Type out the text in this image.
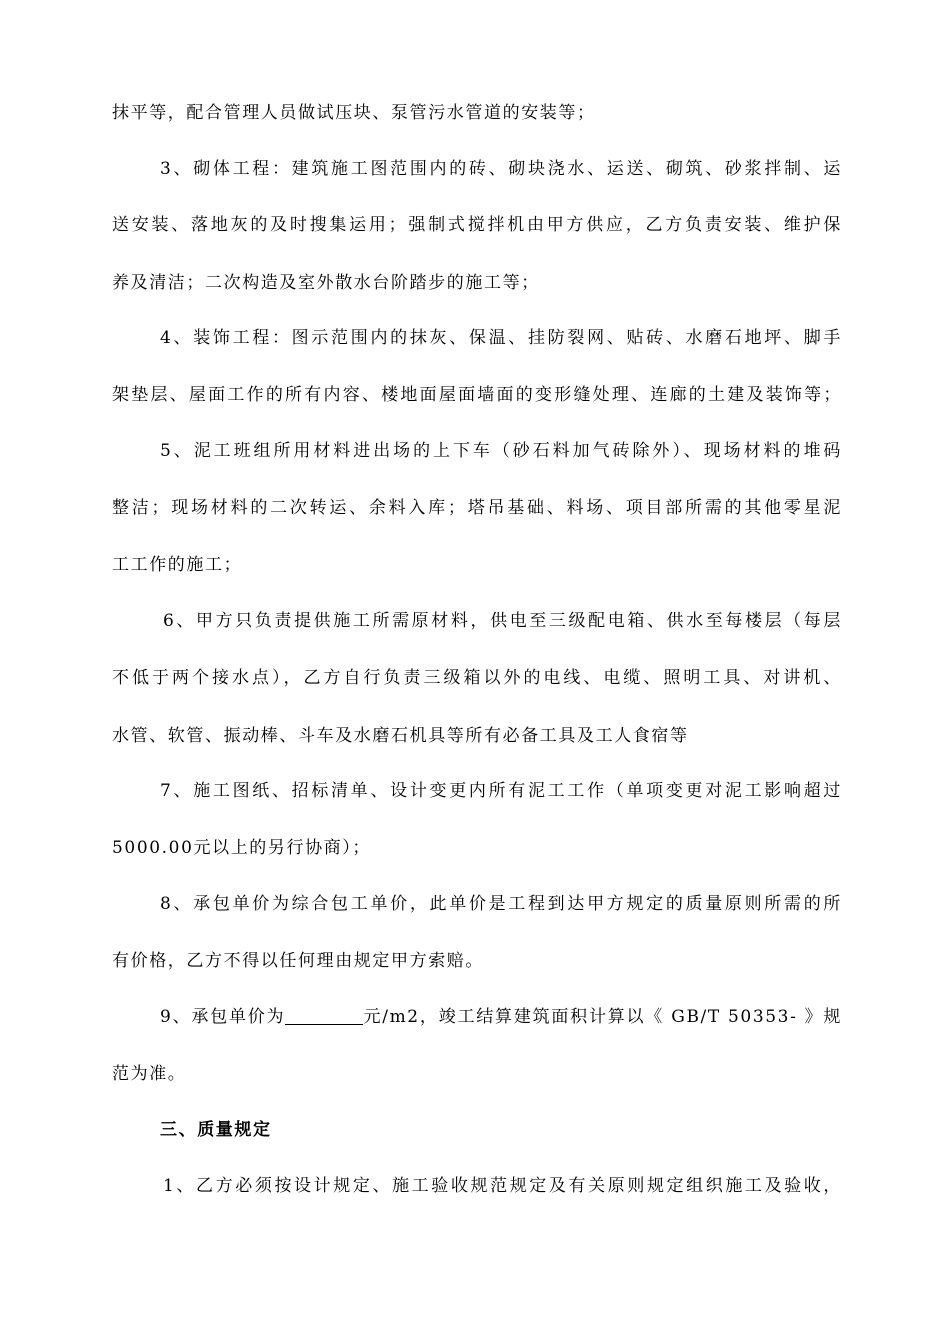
抹平等，配合管理人员做试压块、泵管污水管道的安装等；
3、砌体工程：建筑施工图范围内的砖、砌块浇水、运送、砌筑、砂浆拌制、运
送安装、落地灰的及时搜集运用；强制式搅拌机由甲方供应，乙方负责安装、维护保
养及清洁；二次构造及室外散水台阶踏步的施工等；
4、装饰工程：图示范围内的抹灰、保温、挂防裂网、贴砖、水磨石地坪、脚手
架垫层、屋面工作的所有内容、楼地面屋面墙面的变形缝处理、连廊的土建及装饰等；
5、泥工班组所用材料进出场的上下车（砂石料加气砖除外）、现场材料的堆码
整洁；现场材料的二次转运、余料入库；塔吊基础、料场、项目部所需的其他零星泥
工工作的施工；
6、甲方只负责提供施工所需原材料，供电至三级配电箱、供水至每楼层（每层
不低于两个接水点），乙方自行负责三级箱以外的电线、电缆、照明工具、对讲机、
水管、软管、振动棒、斗车及水磨石机具等所有必备工具及工人食宿等
7、施工图纸、招标清单、设计变更内所有泥工工作（单项变更对泥工影响超过
5000.00元以上的另行协商）；
8、承包单价为综合包工单价，此单价是工程到达甲方规定的质量原则所需的所
有价格，乙方不得以任何理由规定甲方索赔。
9、承包单价为	元/m2，竣工结算建筑面积计算以《 GB/T 50353- 》规
范为准。
三、质量规定
1、乙方必须按设计规定、施工验收规范规定及有关原则规定组织施工及验收，
